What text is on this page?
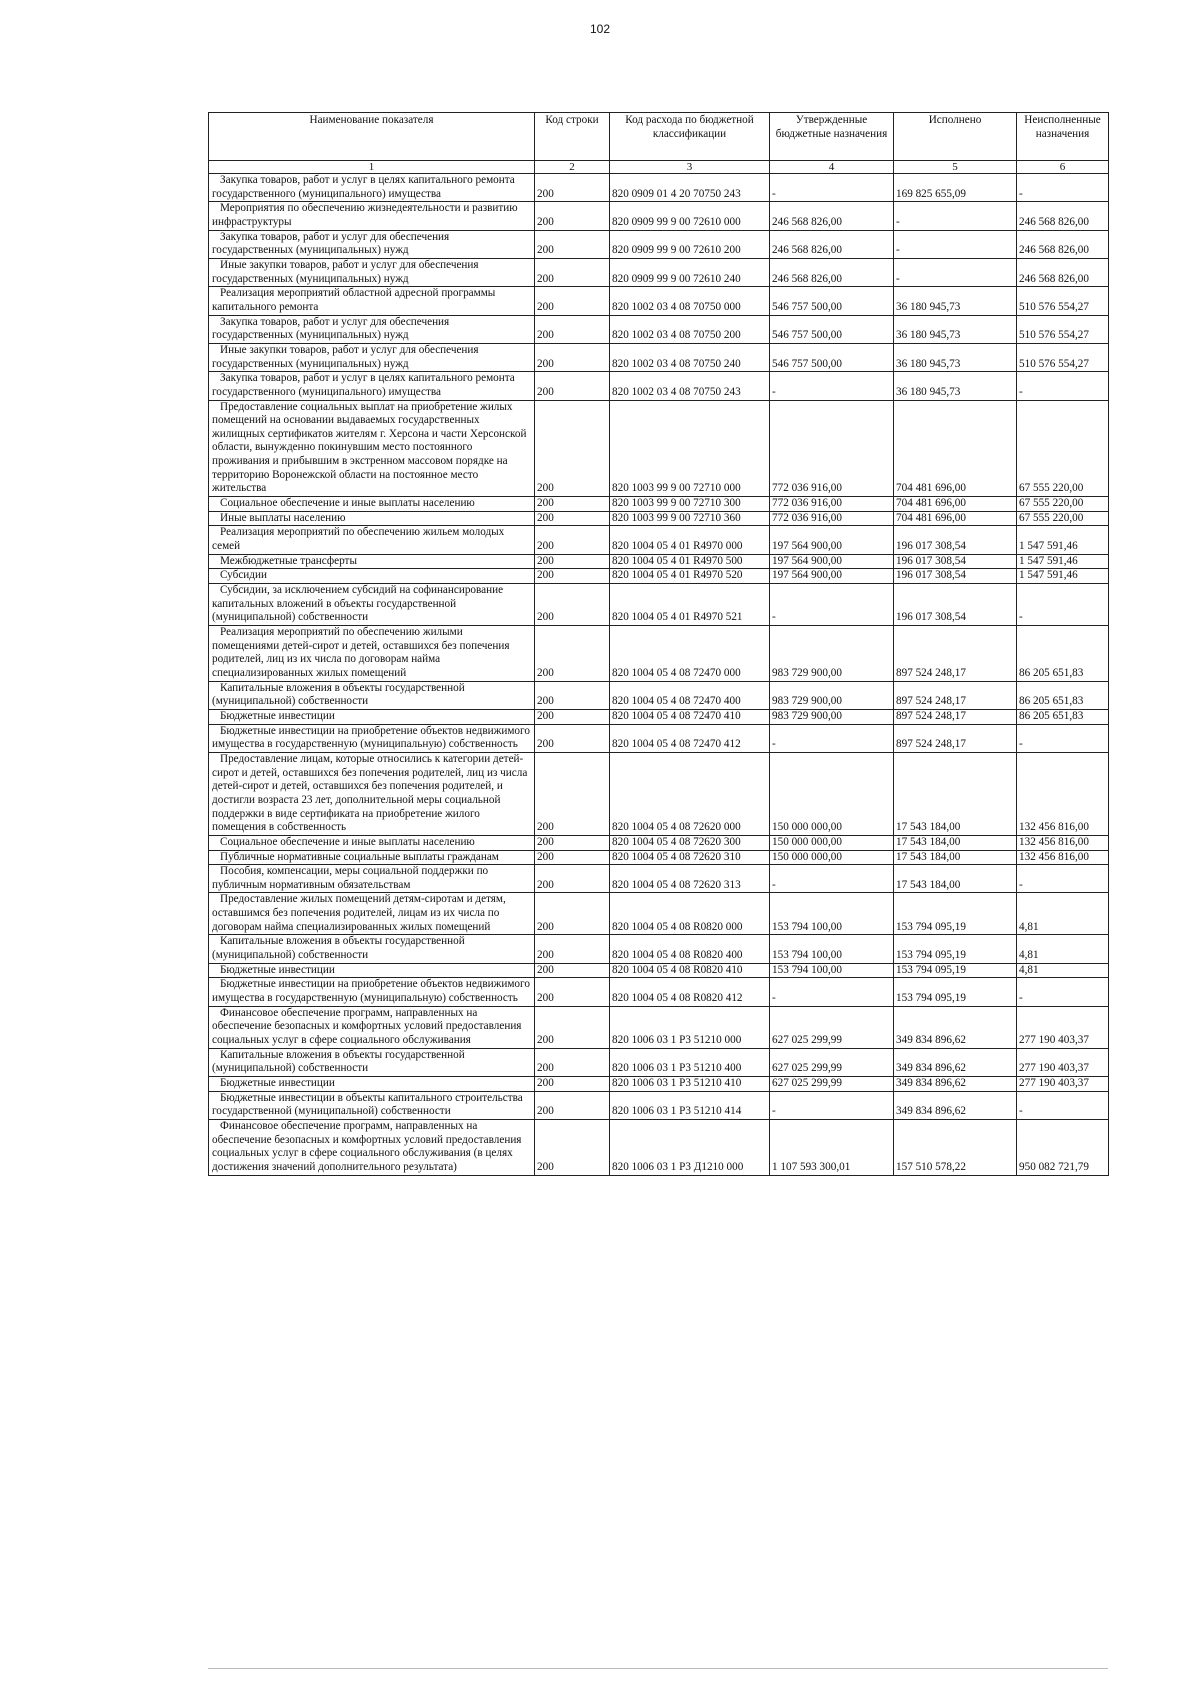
102
Наименование показателя	Код строки	Код расхода по бюджетной классификации	Утвержденные бюджетные назначения	Исполнено	Неисполненные назначения
1	2	3	4	5	6
Закупка товаров, работ и услуг в целях капитального ремонта государственного (муниципального) имущества	200	820 0909 01 4 20 70750 243	-	169 825 655,09	-
Мероприятия по обеспечению жизнедеятельности и развитию инфраструктуры	200	820 0909 99 9 00 72610 000	246 568 826,00	-	246 568 826,00
Закупка товаров, работ и услуг для обеспечения государственных (муниципальных) нужд	200	820 0909 99 9 00 72610 200	246 568 826,00	-	246 568 826,00
Иные закупки товаров, работ и услуг для обеспечения государственных (муниципальных) нужд	200	820 0909 99 9 00 72610 240	246 568 826,00	-	246 568 826,00
Реализация мероприятий областной адресной программы капитального ремонта	200	820 1002 03 4 08 70750 000	546 757 500,00	36 180 945,73	510 576 554,27
Закупка товаров, работ и услуг для обеспечения государственных (муниципальных) нужд	200	820 1002 03 4 08 70750 200	546 757 500,00	36 180 945,73	510 576 554,27
Иные закупки товаров, работ и услуг для обеспечения государственных (муниципальных) нужд	200	820 1002 03 4 08 70750 240	546 757 500,00	36 180 945,73	510 576 554,27
Закупка товаров, работ и услуг в целях капитального ремонта государственного (муниципального) имущества	200	820 1002 03 4 08 70750 243	-	36 180 945,73	-
Предоставление социальных выплат на приобретение жилых помещений на основании выдаваемых государственных жилищных сертификатов жителям г. Херсона и части Херсонской области, вынужденно покинувшим место постоянного проживания и прибывшим в экстренном массовом порядке на территорию Воронежской области на постоянное место жительства	200	820 1003 99 9 00 72710 000	772 036 916,00	704 481 696,00	67 555 220,00
Социальное обеспечение и иные выплаты населению	200	820 1003 99 9 00 72710 300	772 036 916,00	704 481 696,00	67 555 220,00
Иные выплаты населению	200	820 1003 99 9 00 72710 360	772 036 916,00	704 481 696,00	67 555 220,00
Реализация мероприятий по обеспечению жильем молодых семей	200	820 1004 05 4 01 R4970 000	197 564 900,00	196 017 308,54	1 547 591,46
Межбюджетные трансферты	200	820 1004 05 4 01 R4970 500	197 564 900,00	196 017 308,54	1 547 591,46
Субсидии	200	820 1004 05 4 01 R4970 520	197 564 900,00	196 017 308,54	1 547 591,46
Субсидии, за исключением субсидий на софинансирование капитальных вложений в объекты государственной (муниципальной) собственности	200	820 1004 05 4 01 R4970 521	-	196 017 308,54	-
Реализация мероприятий по обеспечению жилыми помещениями детей-сирот и детей, оставшихся без попечения родителей, лиц из их числа по договорам найма специализированных жилых помещений	200	820 1004 05 4 08 72470 000	983 729 900,00	897 524 248,17	86 205 651,83
Капитальные вложения в объекты государственной (муниципальной) собственности	200	820 1004 05 4 08 72470 400	983 729 900,00	897 524 248,17	86 205 651,83
Бюджетные инвестиции	200	820 1004 05 4 08 72470 410	983 729 900,00	897 524 248,17	86 205 651,83
Бюджетные инвестиции на приобретение объектов недвижимого имущества в государственную (муниципальную) собственность	200	820 1004 05 4 08 72470 412	-	897 524 248,17	-
Предоставление лицам, которые относились к категории детей-сирот и детей, оставшихся без попечения родителей, лиц из числа детей-сирот и детей, оставшихся без попечения родителей, и достигли возраста 23 лет, дополнительной меры социальной поддержки в виде сертификата на приобретение жилого помещения в собственность	200	820 1004 05 4 08 72620 000	150 000 000,00	17 543 184,00	132 456 816,00
Социальное обеспечение и иные выплаты населению	200	820 1004 05 4 08 72620 300	150 000 000,00	17 543 184,00	132 456 816,00
Публичные нормативные социальные выплаты гражданам	200	820 1004 05 4 08 72620 310	150 000 000,00	17 543 184,00	132 456 816,00
Пособия, компенсации, меры социальной поддержки по публичным нормативным обязательствам	200	820 1004 05 4 08 72620 313	-	17 543 184,00	-
Предоставление жилых помещений детям-сиротам и детям, оставшимся без попечения родителей, лицам из их числа по договорам найма специализированных жилых помещений	200	820 1004 05 4 08 R0820 000	153 794 100,00	153 794 095,19	4,81
Капитальные вложения в объекты государственной (муниципальной) собственности	200	820 1004 05 4 08 R0820 400	153 794 100,00	153 794 095,19	4,81
Бюджетные инвестиции	200	820 1004 05 4 08 R0820 410	153 794 100,00	153 794 095,19	4,81
Бюджетные инвестиции на приобретение объектов недвижимого имущества в государственную (муниципальную) собственность	200	820 1004 05 4 08 R0820 412	-	153 794 095,19	-
Финансовое обеспечение программ, направленных на обеспечение безопасных и комфортных условий предоставления социальных услуг в сфере социального обслуживания	200	820 1006 03 1 P3 51210 000	627 025 299,99	349 834 896,62	277 190 403,37
Капитальные вложения в объекты государственной (муниципальной) собственности	200	820 1006 03 1 P3 51210 400	627 025 299,99	349 834 896,62	277 190 403,37
Бюджетные инвестиции	200	820 1006 03 1 P3 51210 410	627 025 299,99	349 834 896,62	277 190 403,37
Бюджетные инвестиции в объекты капитального строительства государственной (муниципальной) собственности	200	820 1006 03 1 P3 51210 414	-	349 834 896,62	-
Финансовое обеспечение программ, направленных на обеспечение безопасных и комфортных условий предоставления социальных услуг в сфере социального обслуживания (в целях достижения значений дополнительного результата)	200	820 1006 03 1 P3 Д1210 000	1 107 593 300,01	157 510 578,22	950 082 721,79
